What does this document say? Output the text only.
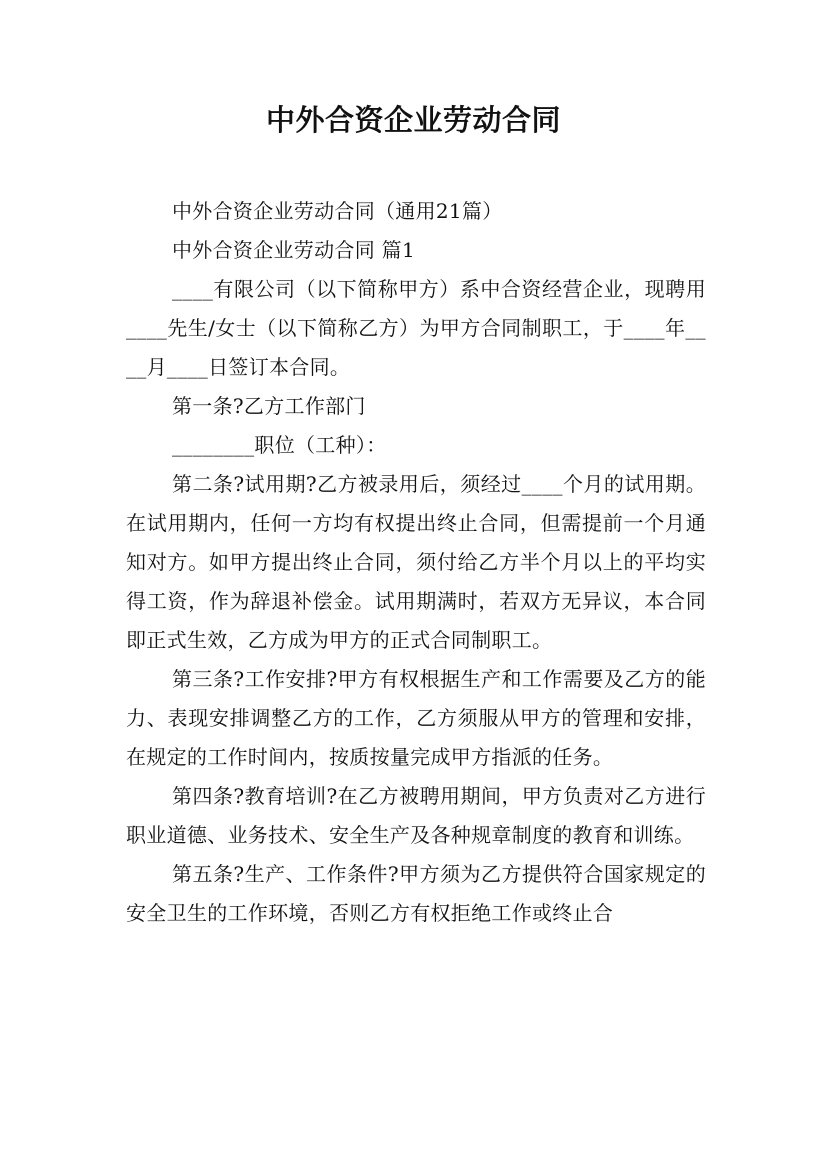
中外合资企业劳动合同

中外合资企业劳动合同（通用21篇）

中外合资企业劳动合同 篇1

____有限公司（以下简称甲方）系中合资经营企业，现聘用____先生/女士（以下简称乙方）为甲方合同制职工，于____年____月____日签订本合同。

第一条?乙方工作部门

________职位（工种）：

第二条?试用期?乙方被录用后，须经过____个月的试用期。在试用期内，任何一方均有权提出终止合同，但需提前一个月通知对方。如甲方提出终止合同，须付给乙方半个月以上的平均实得工资，作为辞退补偿金。试用期满时，若双方无异议，本合同即正式生效，乙方成为甲方的正式合同制职工。

第三条?工作安排?甲方有权根据生产和工作需要及乙方的能力、表现安排调整乙方的工作，乙方须服从甲方的管理和安排，在规定的工作时间内，按质按量完成甲方指派的任务。

第四条?教育培训?在乙方被聘用期间，甲方负责对乙方进行职业道德、业务技术、安全生产及各种规章制度的教育和训练。

第五条?生产、工作条件?甲方须为乙方提供符合国家规定的安全卫生的工作环境，否则乙方有权拒绝工作或终止合
